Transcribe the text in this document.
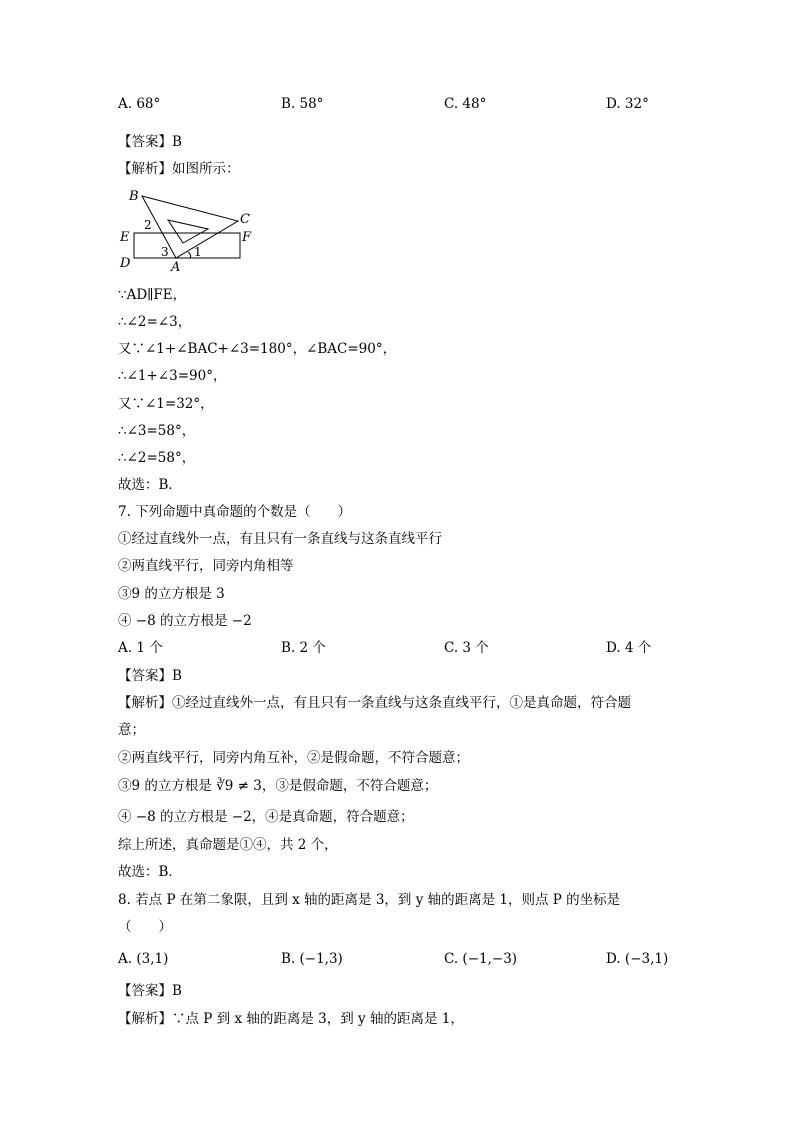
A. 68°	B. 58°	C. 48°	D. 32°
【答案】B
【解析】如图所示：
B
C
E	F
D	A
1
2
3
∵AD∥FE，
∴∠2=∠3，
又∵∠1+∠BAC+∠3=180°，∠BAC=90°，
∴∠1+∠3=90°，
又∵∠1=32°，
∴∠3=58°，
∴∠2=58°，
故选：B．
7. 下列命题中真命题的个数是（　　）
①经过直线外一点，有且只有一条直线与这条直线平行
②两直线平行，同旁内角相等
③9 的立方根是 3
④ −8 的立方根是 −2
A. 1 个	B. 2 个	C. 3 个	D. 4 个
【答案】B
【解析】①经过直线外一点，有且只有一条直线与这条直线平行，①是真命题，符合题
意；
②两直线平行，同旁内角互补，②是假命题，不符合题意；
③9 的立方根是 ∛9 ≠ 3，③是假命题，不符合题意；
④ −8 的立方根是 −2，④是真命题，符合题意；
综上所述，真命题是①④，共 2 个，
故选：B．
8. 若点 P 在第二象限，且到 x 轴的距离是 3，到 y 轴的距离是 1，则点 P 的坐标是
（　　）
A. (3,1)	B. (−1,3)	C. (−1,−3)	D. (−3,1)
【答案】B
【解析】∵点 P 到 x 轴的距离是 3，到 y 轴的距离是 1，
